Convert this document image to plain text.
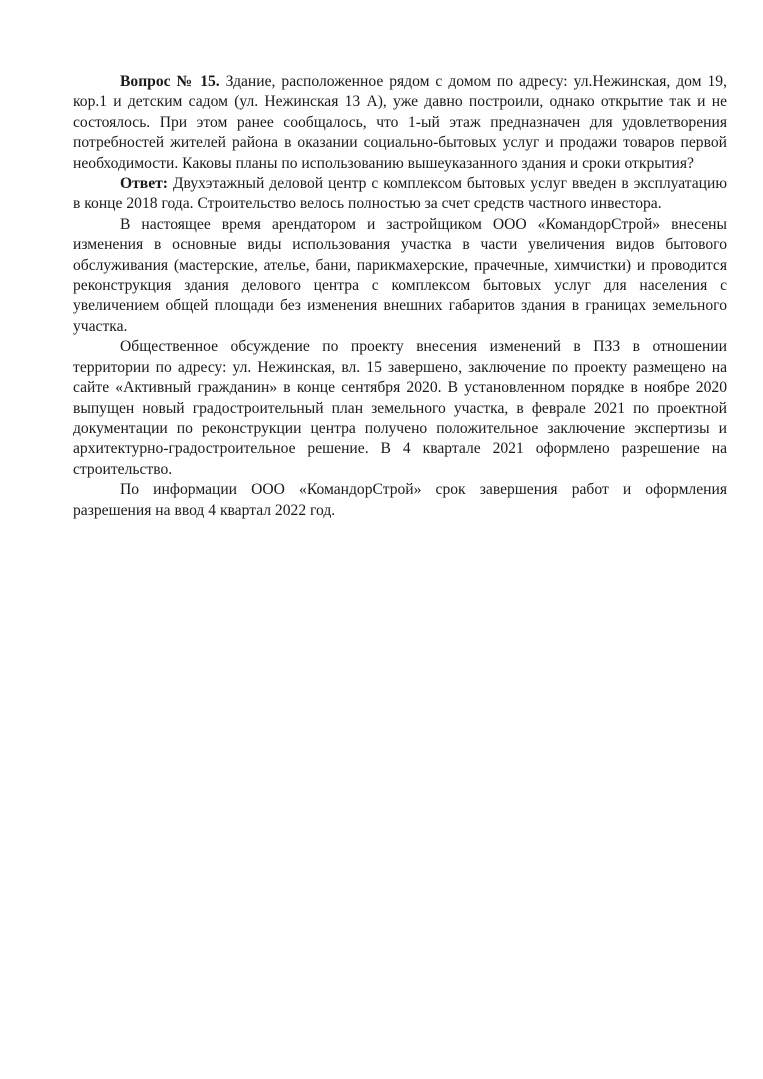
Вопрос № 15. Здание, расположенное рядом с домом по адресу: ул.Нежинская, дом 19, кор.1 и детским садом (ул. Нежинская 13 А), уже давно построили, однако открытие так и не состоялось. При этом ранее сообщалось, что 1-ый этаж предназначен для удовлетворения потребностей жителей района в оказании социально-бытовых услуг и продажи товаров первой необходимости. Каковы планы по использованию вышеуказанного здания и сроки открытия?

Ответ: Двухэтажный деловой центр с комплексом бытовых услуг введен в эксплуатацию в конце 2018 года. Строительство велось полностью за счет средств частного инвестора.

В настоящее время арендатором и застройщиком ООО «КомандорСтрой» внесены изменения в основные виды использования участка в части увеличения видов бытового обслуживания (мастерские, ателье, бани, парикмахерские, прачечные, химчистки) и проводится реконструкция здания делового центра с комплексом бытовых услуг для населения с увеличением общей площади без изменения внешних габаритов здания в границах земельного участка.

Общественное обсуждение по проекту внесения изменений в ПЗЗ в отношении территории по адресу: ул. Нежинская, вл. 15 завершено, заключение по проекту размещено на сайте «Активный гражданин» в конце сентября 2020. В установленном порядке в ноябре 2020 выпущен новый градостроительный план земельного участка, в феврале 2021 по проектной документации по реконструкции центра получено положительное заключение экспертизы и архитектурно-градостроительное решение. В 4 квартале 2021 оформлено разрешение на строительство.

По информации ООО «КомандорСтрой» срок завершения работ и оформления разрешения на ввод 4 квартал 2022 год.
